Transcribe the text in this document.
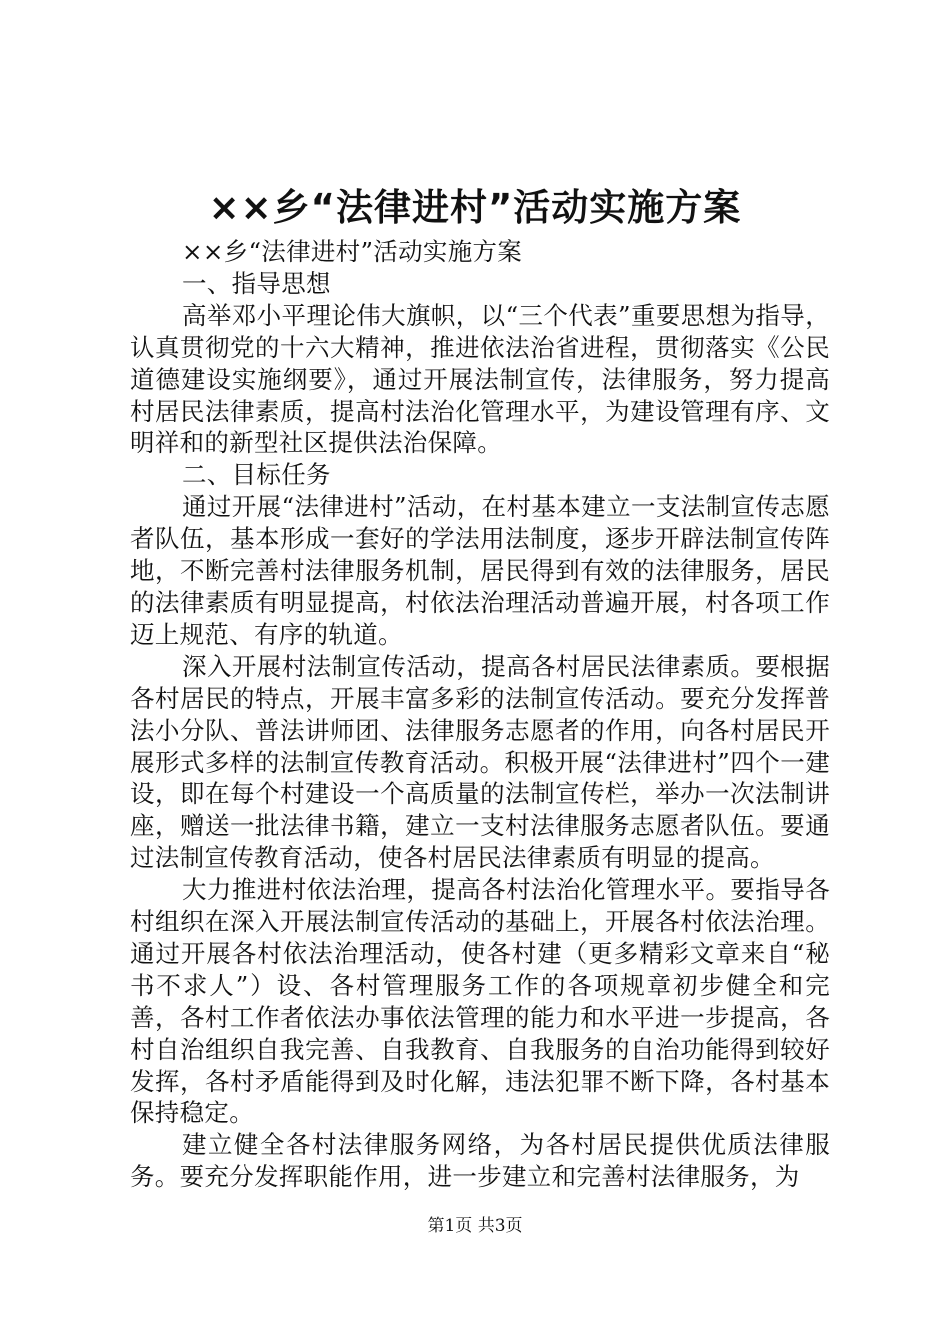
××乡“法律进村”活动实施方案

××乡“法律进村”活动实施方案

一、指导思想

高举邓小平理论伟大旗帜，以“三个代表”重要思想为指导，认真贯彻党的十六大精神，推进依法治省进程，贯彻落实《公民道德建设实施纲要》，通过开展法制宣传，法律服务，努力提高村居民法律素质，提高村法治化管理水平，为建设管理有序、文明祥和的新型社区提供法治保障。

二、目标任务

通过开展“法律进村”活动，在村基本建立一支法制宣传志愿者队伍，基本形成一套好的学法用法制度，逐步开辟法制宣传阵地，不断完善村法律服务机制，居民得到有效的法律服务，居民的法律素质有明显提高，村依法治理活动普遍开展，村各项工作迈上规范、有序的轨道。

深入开展村法制宣传活动，提高各村居民法律素质。要根据各村居民的特点，开展丰富多彩的法制宣传活动。要充分发挥普法小分队、普法讲师团、法律服务志愿者的作用，向各村居民开展形式多样的法制宣传教育活动。积极开展“法律进村”四个一建设，即在每个村建设一个高质量的法制宣传栏，举办一次法制讲座，赠送一批法律书籍，建立一支村法律服务志愿者队伍。要通过法制宣传教育活动，使各村居民法律素质有明显的提高。

大力推进村依法治理，提高各村法治化管理水平。要指导各村组织在深入开展法制宣传活动的基础上，开展各村依法治理。通过开展各村依法治理活动，使各村建（更多精彩文章来自“秘书不求人”）设、各村管理服务工作的各项规章初步健全和完善，各村工作者依法办事依法管理的能力和水平进一步提高，各村自治组织自我完善、自我教育、自我服务的自治功能得到较好发挥，各村矛盾能得到及时化解，违法犯罪不断下降，各村基本保持稳定。

建立健全各村法律服务网络，为各村居民提供优质法律服务。要充分发挥职能作用，进一步建立和完善村法律服务，为

第1页 共3页
